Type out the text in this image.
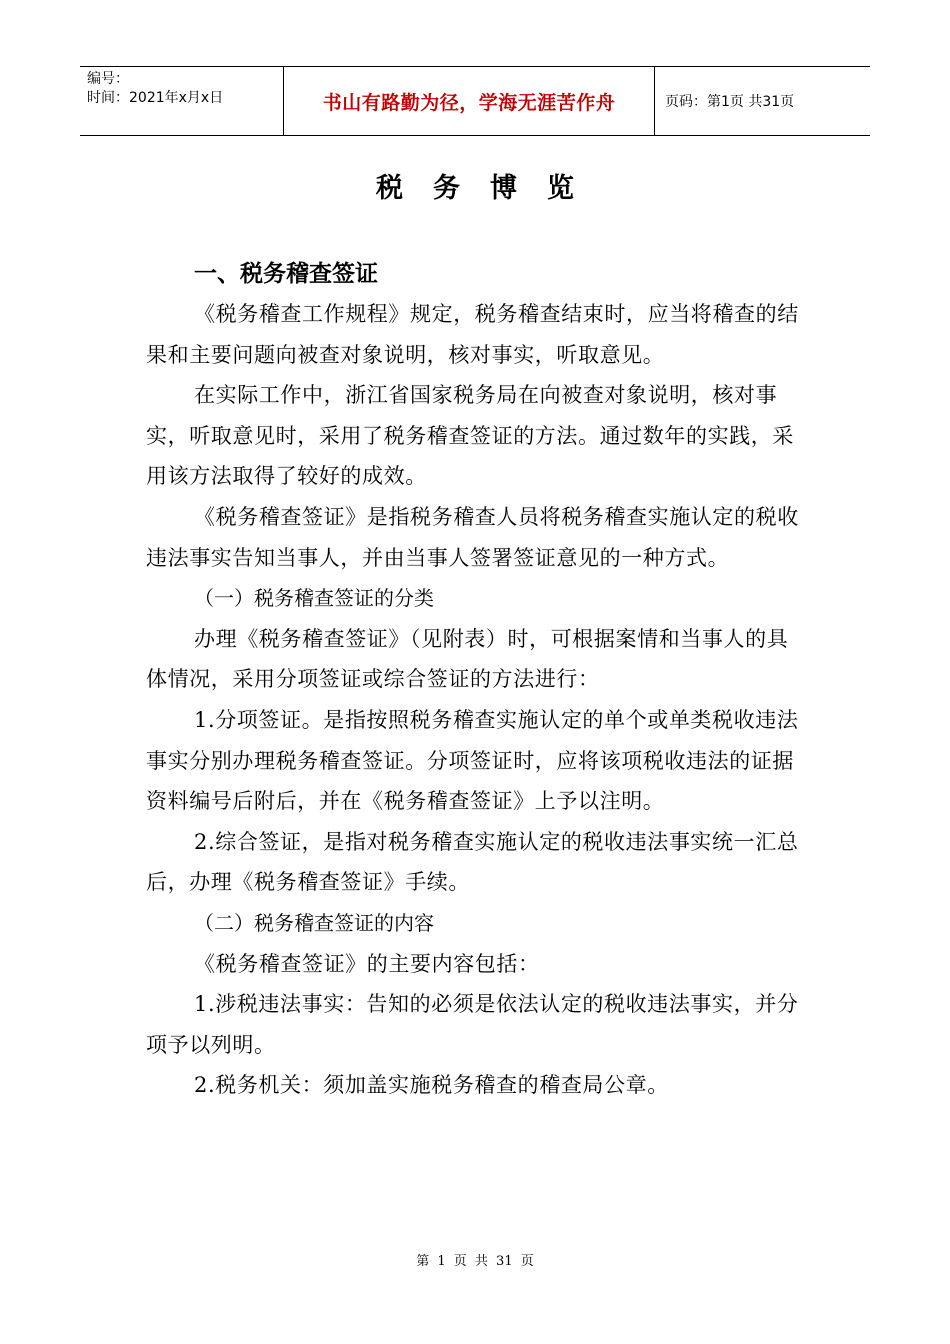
编号：
时间：2021年x月x日	书山有路勤为径，学海无涯苦作舟	页码：第1页 共31页
税务博览
一、税务稽查签证

《税务稽查工作规程》规定，税务稽查结束时，应当将稽查的结果和主要问题向被查对象说明，核对事实，听取意见。

在实际工作中，浙江省国家税务局在向被查对象说明，核对事实，听取意见时，采用了税务稽查签证的方法。通过数年的实践，采用该方法取得了较好的成效。

《税务稽查签证》是指税务稽查人员将税务稽查实施认定的税收违法事实告知当事人，并由当事人签署签证意见的一种方式。

（一）税务稽查签证的分类

办理《税务稽查签证》（见附表）时，可根据案情和当事人的具体情况，采用分项签证或综合签证的方法进行：

1.分项签证。是指按照税务稽查实施认定的单个或单类税收违法事实分别办理税务稽查签证。分项签证时，应将该项税收违法的证据资料编号后附后，并在《税务稽查签证》上予以注明。

2.综合签证，是指对税务稽查实施认定的税收违法事实统一汇总后，办理《税务稽查签证》手续。

（二）税务稽查签证的内容

《税务稽查签证》的主要内容包括：

1.涉税违法事实：告知的必须是依法认定的税收违法事实，并分项予以列明。

2.税务机关：须加盖实施税务稽查的稽查局公章。

第 1 页 共 31 页
